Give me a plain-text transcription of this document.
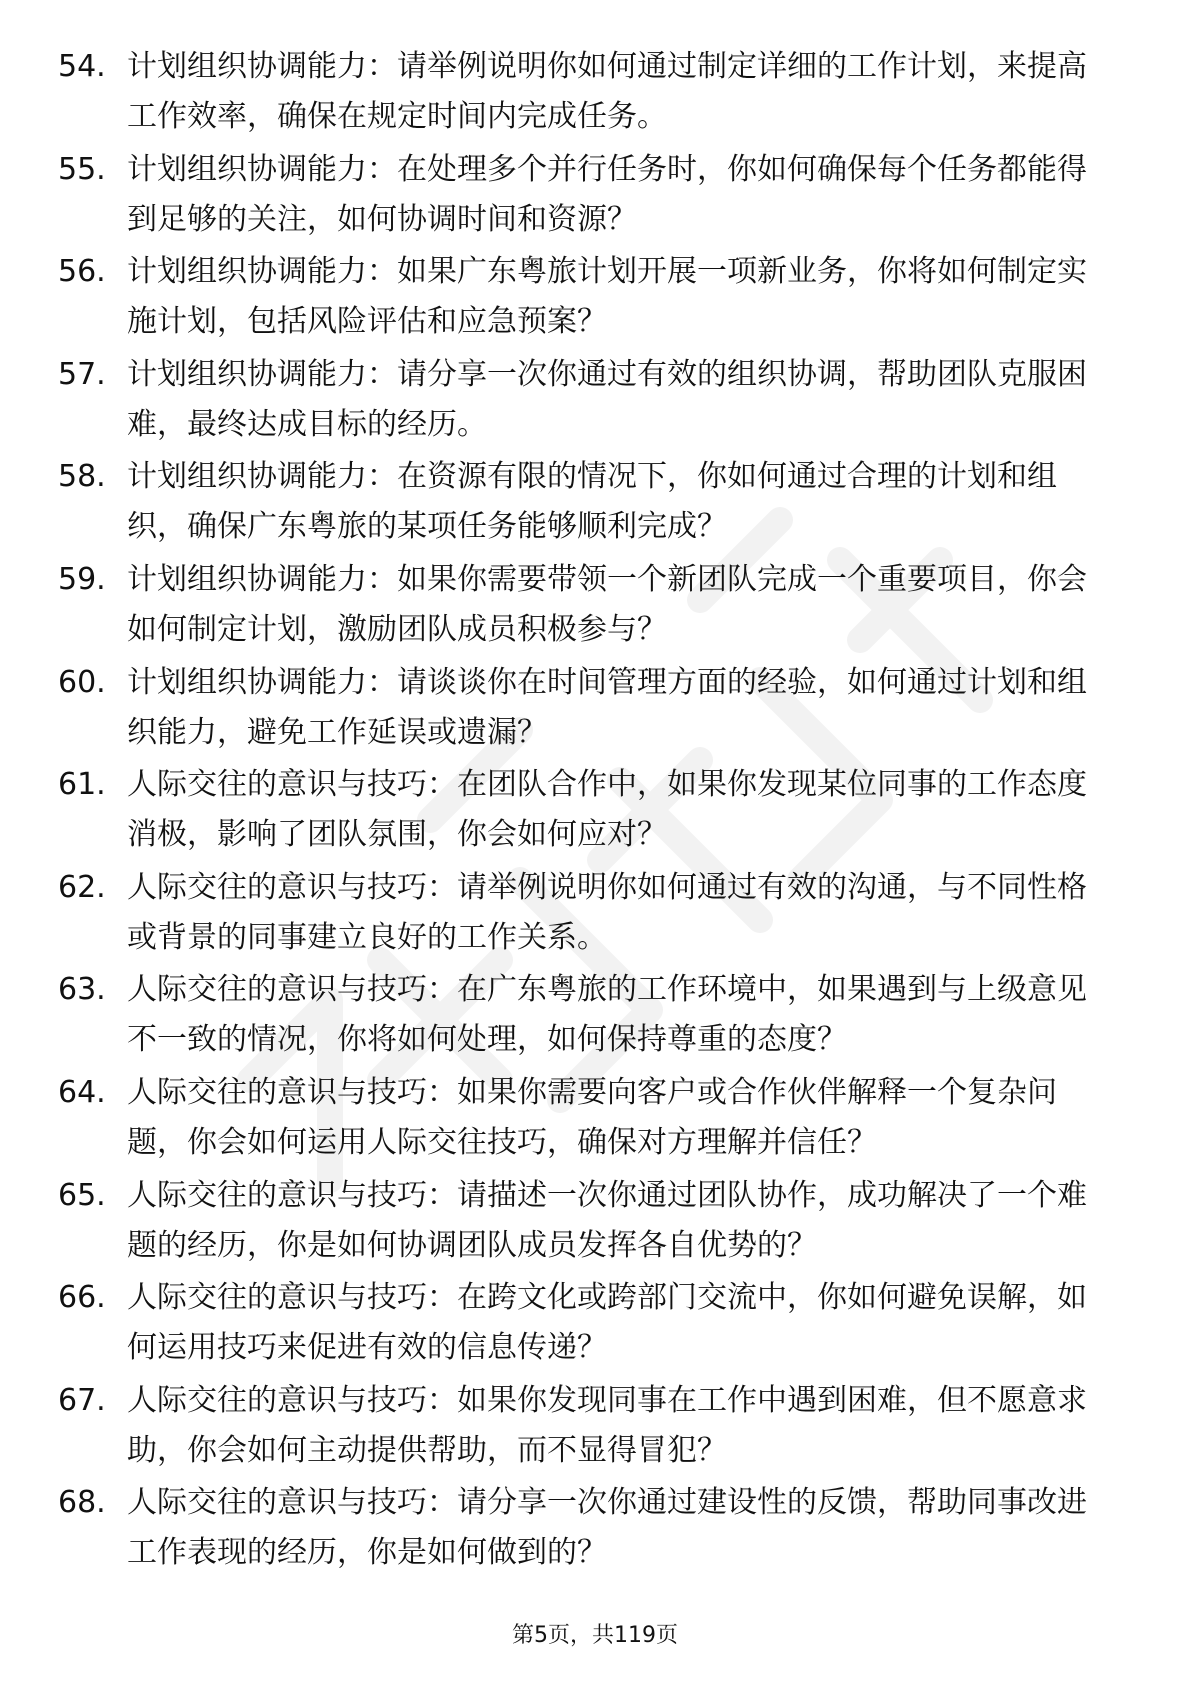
54. 计划组织协调能力：请举例说明你如何通过制定详细的工作计划，来提高工作效率，确保在规定时间内完成任务。
55. 计划组织协调能力：在处理多个并行任务时，你如何确保每个任务都能得到足够的关注，如何协调时间和资源？
56. 计划组织协调能力：如果广东粤旅计划开展一项新业务，你将如何制定实施计划，包括风险评估和应急预案？
57. 计划组织协调能力：请分享一次你通过有效的组织协调，帮助团队克服困难，最终达成目标的经历。
58. 计划组织协调能力：在资源有限的情况下，你如何通过合理的计划和组织，确保广东粤旅的某项任务能够顺利完成？
59. 计划组织协调能力：如果你需要带领一个新团队完成一个重要项目，你会如何制定计划，激励团队成员积极参与？
60. 计划组织协调能力：请谈谈你在时间管理方面的经验，如何通过计划和组织能力，避免工作延误或遗漏？
61. 人际交往的意识与技巧：在团队合作中，如果你发现某位同事的工作态度消极，影响了团队氛围，你会如何应对？
62. 人际交往的意识与技巧：请举例说明你如何通过有效的沟通，与不同性格或背景的同事建立良好的工作关系。
63. 人际交往的意识与技巧：在广东粤旅的工作环境中，如果遇到与上级意见不一致的情况，你将如何处理，如何保持尊重的态度？
64. 人际交往的意识与技巧：如果你需要向客户或合作伙伴解释一个复杂问题，你会如何运用人际交往技巧，确保对方理解并信任？
65. 人际交往的意识与技巧：请描述一次你通过团队协作，成功解决了一个难题的经历，你是如何协调团队成员发挥各自优势的？
66. 人际交往的意识与技巧：在跨文化或跨部门交流中，你如何避免误解，如何运用技巧来促进有效的信息传递？
67. 人际交往的意识与技巧：如果你发现同事在工作中遇到困难，但不愿意求助，你会如何主动提供帮助，而不显得冒犯？
68. 人际交往的意识与技巧：请分享一次你通过建设性的反馈，帮助同事改进工作表现的经历，你是如何做到的？
第5页，共119页
